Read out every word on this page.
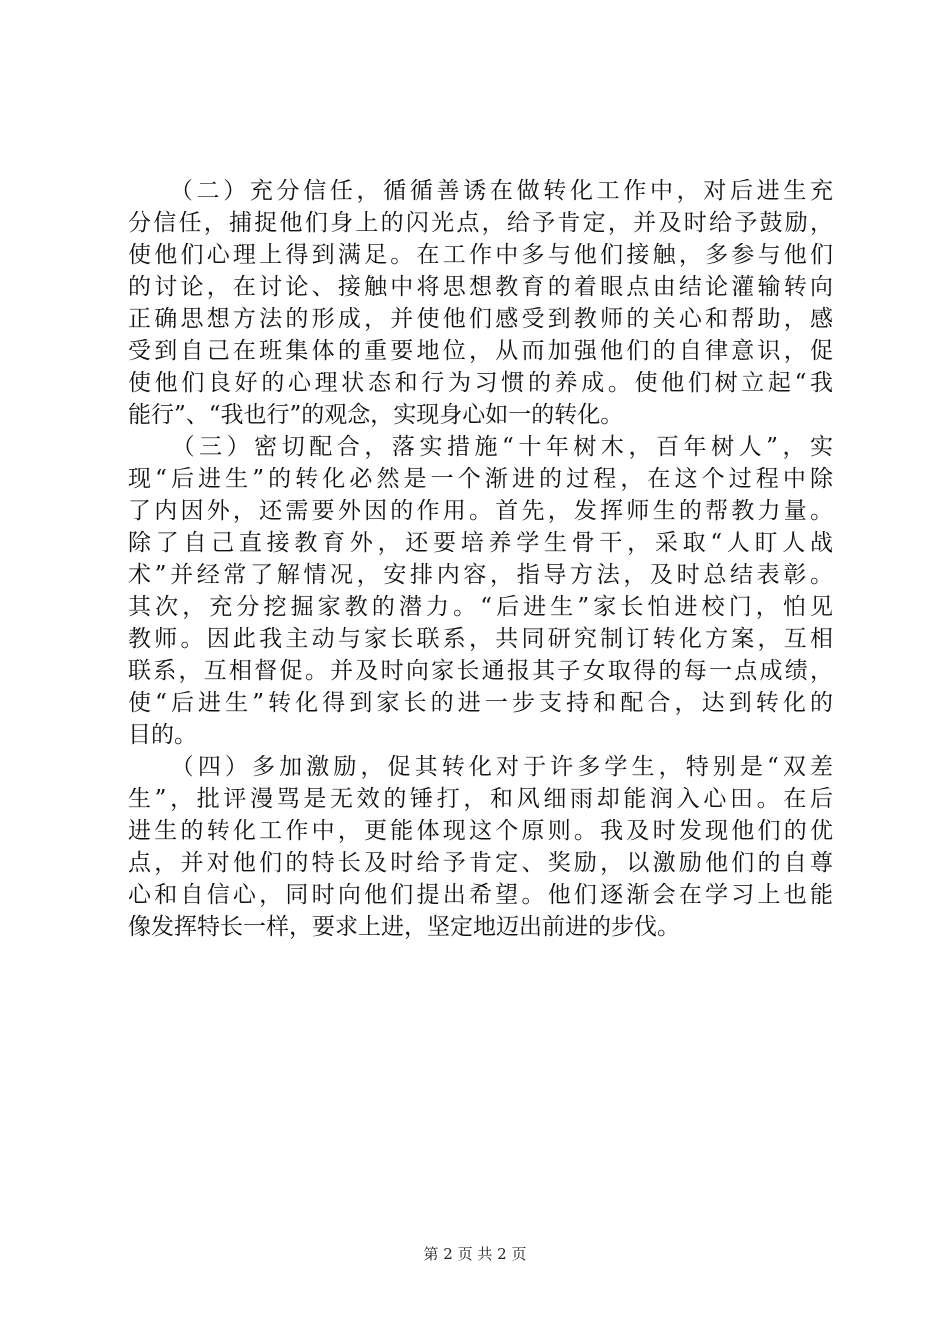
　　（二）充分信任，循循善诱在做转化工作中，对后进生充
分信任，捕捉他们身上的闪光点，给予肯定，并及时给予鼓励，
使他们心理上得到满足。在工作中多与他们接触，多参与他们
的讨论，在讨论、接触中将思想教育的着眼点由结论灌输转向
正确思想方法的形成，并使他们感受到教师的关心和帮助，感
受到自己在班集体的重要地位，从而加强他们的自律意识，促
使他们良好的心理状态和行为习惯的养成。使他们树立起“我
能行”、“我也行”的观念，实现身心如一的转化。
　　（三）密切配合，落实措施“十年树木，百年树人”，实
现“后进生”的转化必然是一个渐进的过程，在这个过程中除
了内因外，还需要外因的作用。首先，发挥师生的帮教力量。
除了自己直接教育外，还要培养学生骨干，采取“人盯人战
术”并经常了解情况，安排内容，指导方法，及时总结表彰。
其次，充分挖掘家教的潜力。“后进生”家长怕进校门，怕见
教师。因此我主动与家长联系，共同研究制订转化方案，互相
联系，互相督促。并及时向家长通报其子女取得的每一点成绩，
使“后进生”转化得到家长的进一步支持和配合，达到转化的
目的。
　　（四）多加激励，促其转化对于许多学生，特别是“双差
生”，批评漫骂是无效的锤打，和风细雨却能润入心田。在后
进生的转化工作中，更能体现这个原则。我及时发现他们的优
点，并对他们的特长及时给予肯定、奖励，以激励他们的自尊
心和自信心，同时向他们提出希望。他们逐渐会在学习上也能
像发挥特长一样，要求上进，坚定地迈出前进的步伐。
第 2 页 共 2 页
